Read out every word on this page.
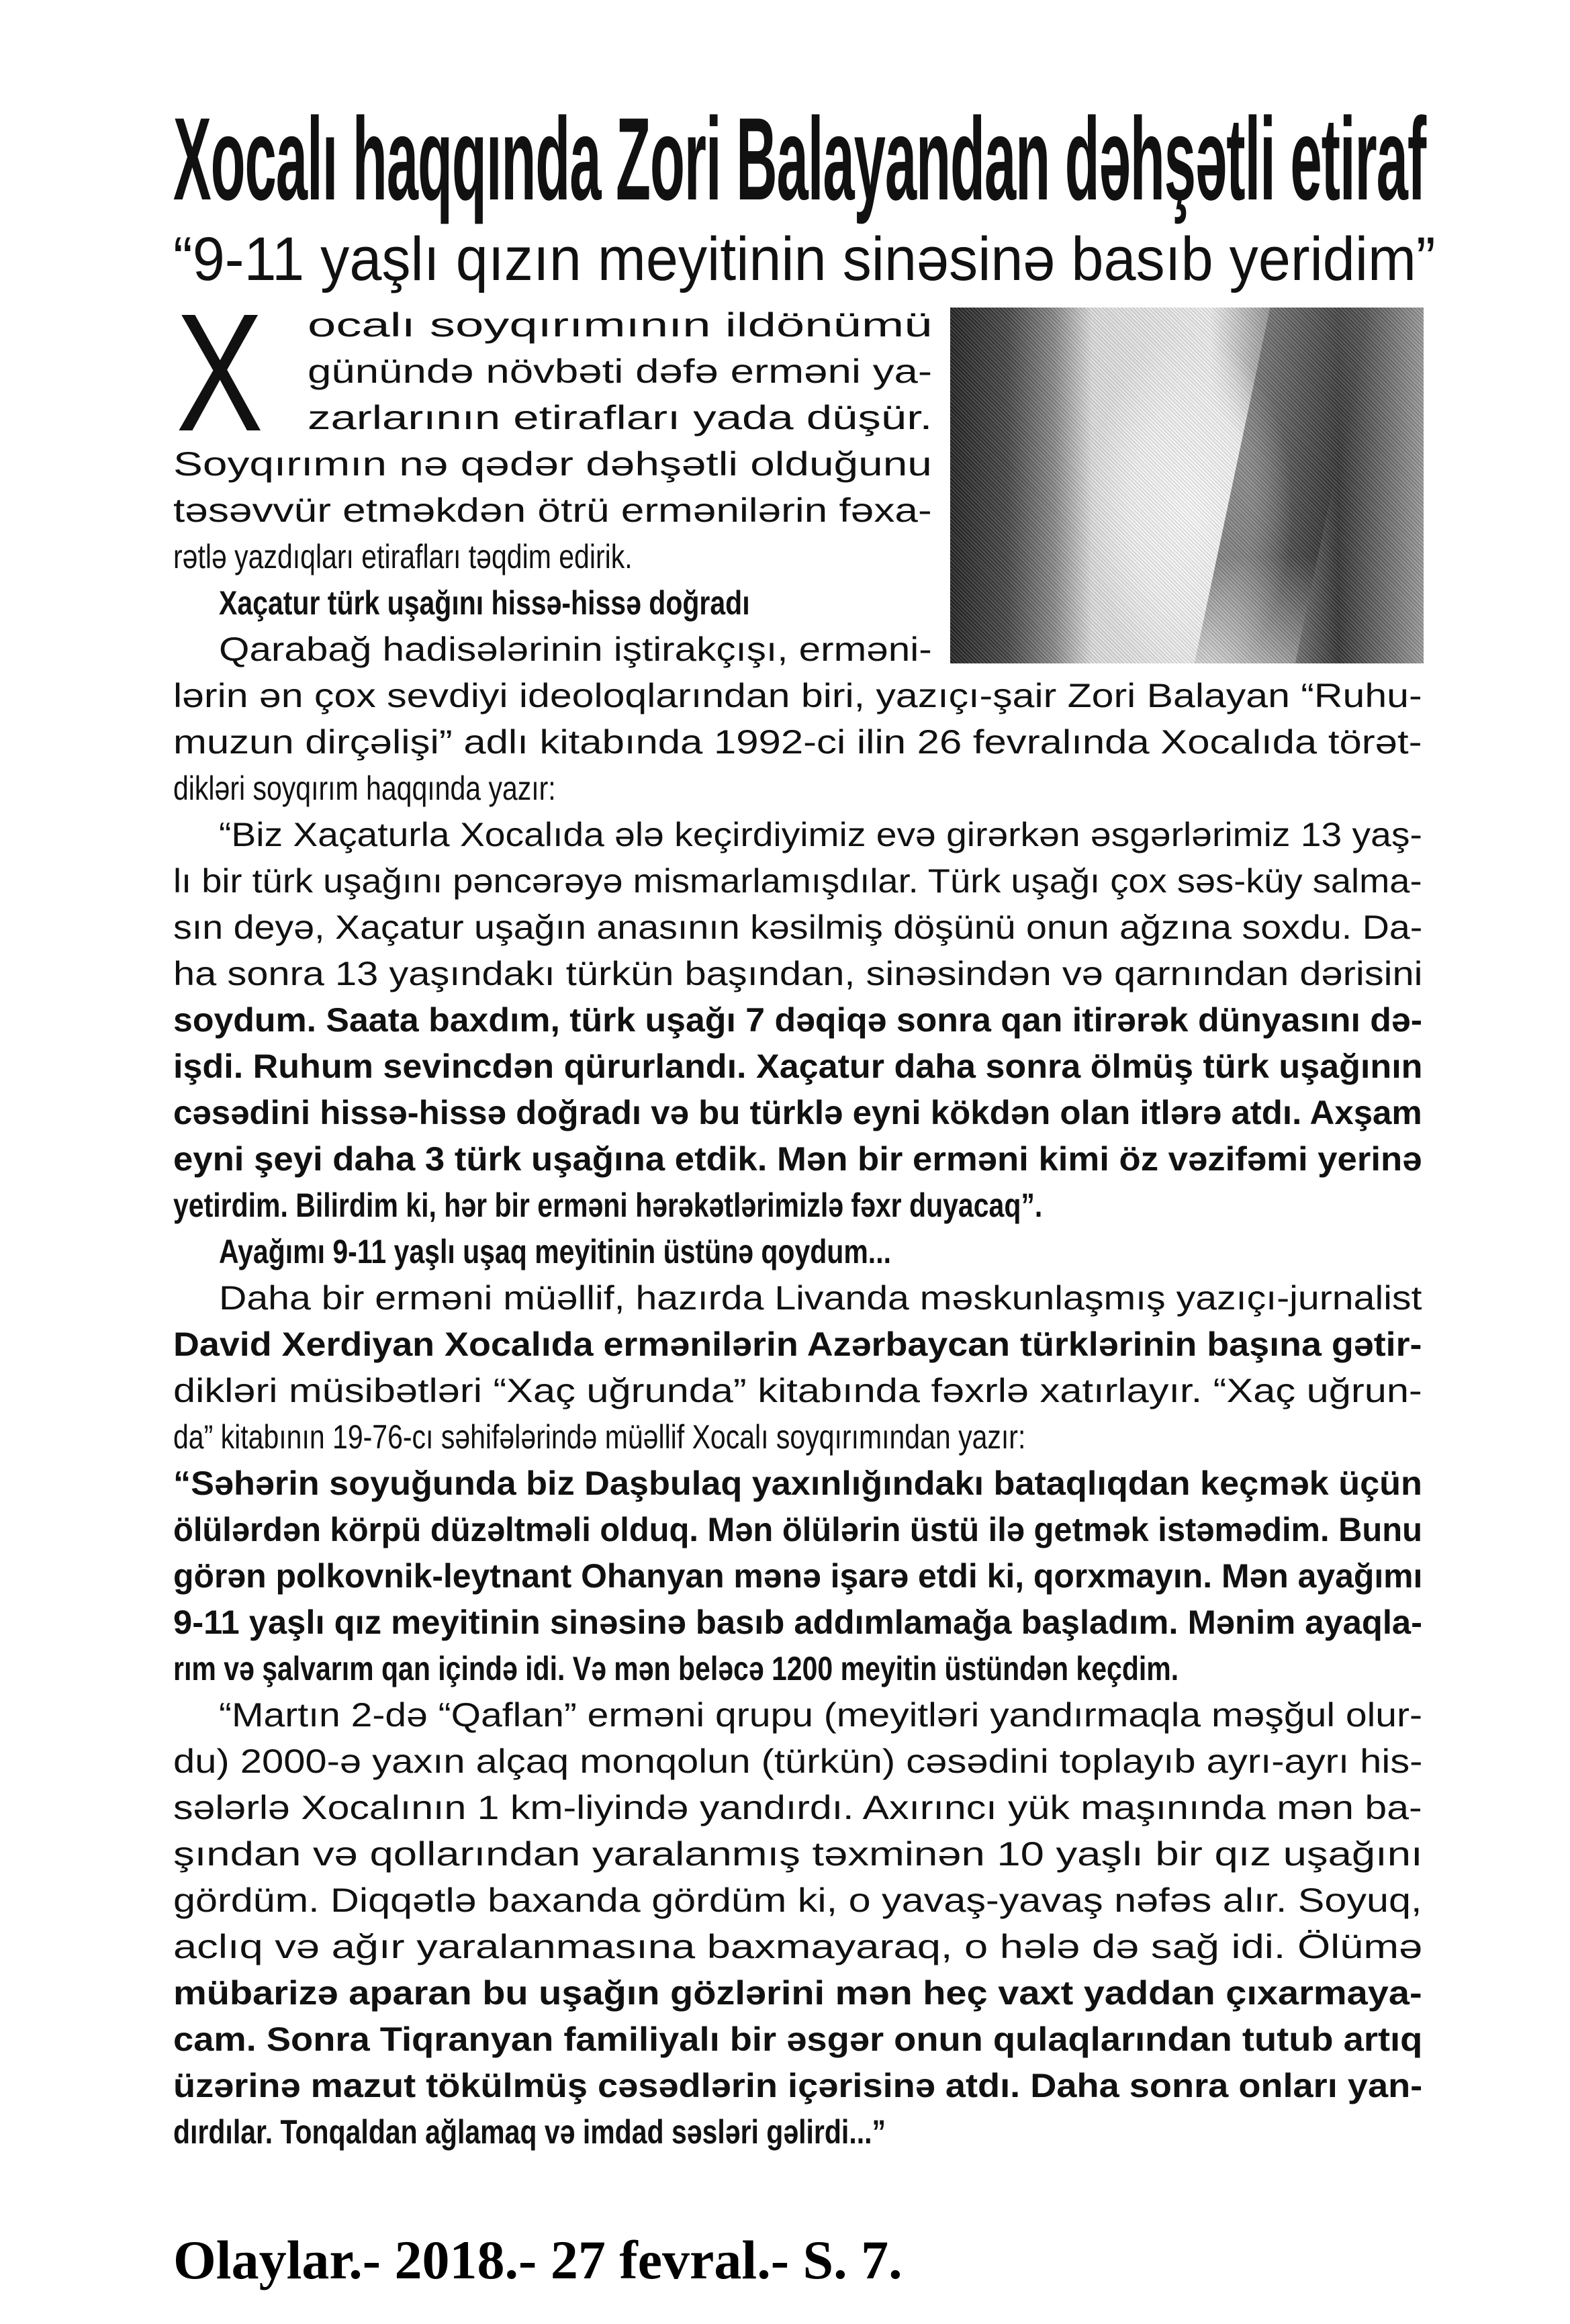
Xocalı haqqında Zori Balayandan dəhşətli etiraf
“9-11 yaşlı qızın meyitinin sinəsinə basıb yeridim”
X ocalı soyqırımının ildönümü
günündə növbəti dəfə erməni ya-
zarlarının etirafları yada düşür.
Soyqırımın nə qədər dəhşətli olduğunu
təsəvvür etməkdən ötrü ermənilərin fəxa-
rətlə yazdıqları etirafları təqdim edirik.
Xaçatur türk uşağını hissə-hissə doğradı
Qarabağ hadisələrinin iştirakçışı, erməni-
lərin ən çox sevdiyi ideoloqlarından biri, yazıçı-şair Zori Balayan “Ruhu-
muzun dirçəlişi” adlı kitabında 1992-ci ilin 26 fevralında Xocalıda törət-
dikləri soyqırım haqqında yazır:
“Biz Xaçaturla Xocalıda ələ keçirdiyimiz evə girərkən əsgərlərimiz 13 yaş-
lı bir türk uşağını pəncərəyə mismarlamışdılar. Türk uşağı çox səs-küy salma-
sın deyə, Xaçatur uşağın anasının kəsilmiş döşünü onun ağzına soxdu. Da-
ha sonra 13 yaşındakı türkün başından, sinəsindən və qarnından dərisini
soydum. Saata baxdım, türk uşağı 7 dəqiqə sonra qan itirərək dünyasını də-
işdi. Ruhum sevincdən qürurlandı. Xaçatur daha sonra ölmüş türk uşağının
cəsədini hissə-hissə doğradı və bu türklə eyni kökdən olan itlərə atdı. Axşam
eyni şeyi daha 3 türk uşağına etdik. Mən bir erməni kimi öz vəzifəmi yerinə
yetirdim. Bilirdim ki, hər bir erməni hərəkətlərimizlə fəxr duyacaq”.
Ayağımı 9-11 yaşlı uşaq meyitinin üstünə qoydum...
Daha bir erməni müəllif, hazırda Livanda məskunlaşmış yazıçı-jurnalist
David Xerdiyan Xocalıda ermənilərin Azərbaycan türklərinin başına gətir-
dikləri müsibətləri “Xaç uğrunda” kitabında fəxrlə xatırlayır. “Xaç uğrun-
da” kitabının 19-76-cı səhifələrində müəllif Xocalı soyqırımından yazır:
“Səhərin soyuğunda biz Daşbulaq yaxınlığındakı bataqlıqdan keçmək üçün
ölülərdən körpü düzəltməli olduq. Mən ölülərin üstü ilə getmək istəmədim. Bunu
görən polkovnik-leytnant Ohanyan mənə işarə etdi ki, qorxmayın. Mən ayağımı
9-11 yaşlı qız meyitinin sinəsinə basıb addımlamağa başladım. Mənim ayaqla-
rım və şalvarım qan içində idi. Və mən beləcə 1200 meyitin üstündən keçdim.
“Martın 2-də “Qaflan” erməni qrupu (meyitləri yandırmaqla məşğul olur-
du) 2000-ə yaxın alçaq monqolun (türkün) cəsədini toplayıb ayrı-ayrı his-
sələrlə Xocalının 1 km-liyində yandırdı. Axırıncı yük maşınında mən ba-
şından və qollarından yaralanmış təxminən 10 yaşlı bir qız uşağını
gördüm. Diqqətlə baxanda gördüm ki, o yavaş-yavaş nəfəs alır. Soyuq,
aclıq və ağır yaralanmasına baxmayaraq, o hələ də sağ idi. Ölümə
mübarizə aparan bu uşağın gözlərini mən heç vaxt yaddan çıxarmaya-
cam. Sonra Tiqranyan familiyalı bir əsgər onun qulaqlarından tutub artıq
üzərinə mazut tökülmüş cəsədlərin içərisinə atdı. Daha sonra onları yan-
dırdılar. Tonqaldan ağlamaq və imdad səsləri gəlirdi...”
Olaylar.- 2018.- 27 fevral.- S. 7.
